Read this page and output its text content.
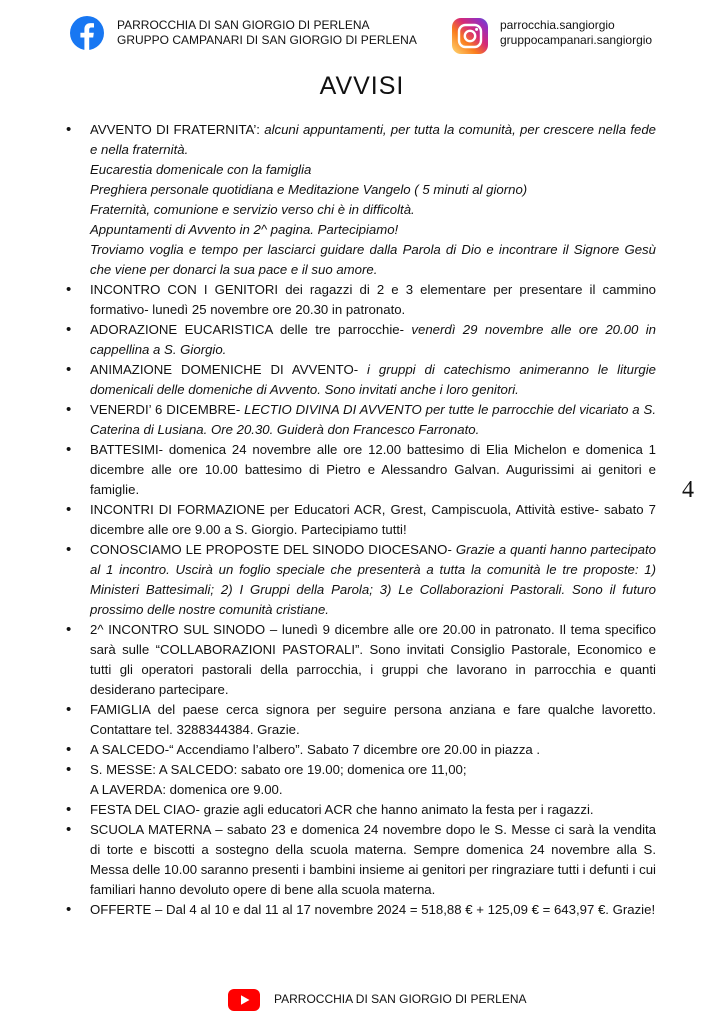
PARROCCHIA DI SAN GIORGIO DI PERLENA
GRUPPO CAMPANARI DI SAN GIORGIO DI PERLENA
parrocchia.sangiorgio
gruppocampanari.sangiorgio
AVVISI
4
• AVVENTO DI FRATERNITA’: alcuni appuntamenti, per tutta la comunità, per crescere nella fede e nella fraternità.
Eucarestia domenicale con la famiglia
Preghiera personale quotidiana e Meditazione Vangelo ( 5 minuti al giorno)
Fraternità, comunione e servizio verso chi è in difficoltà.
Appuntamenti di Avvento in 2^ pagina. Partecipiamo!
Troviamo voglia e tempo per lasciarci guidare dalla Parola di Dio e incontrare il Signore Gesù che viene per donarci la sua pace e il suo amore.
• INCONTRO CON I GENITORI dei ragazzi di 2 e 3 elementare per presentare il cammino formativo- lunedì 25 novembre ore 20.30 in patronato.
• ADORAZIONE EUCARISTICA delle tre parrocchie- venerdì 29 novembre alle ore 20.00 in cappellina a S. Giorgio.
• ANIMAZIONE DOMENICHE DI AVVENTO- i gruppi di catechismo animeranno le liturgie domenicali delle domeniche di Avvento. Sono invitati anche i loro genitori.
• VENERDI’ 6 DICEMBRE- LECTIO DIVINA DI AVVENTO per tutte le parrocchie del vicariato a S. Caterina di Lusiana. Ore 20.30. Guiderà don Francesco Farronato.
• BATTESIMI- domenica 24 novembre alle ore 12.00 battesimo di Elia Michelon e domenica 1 dicembre alle ore 10.00 battesimo di Pietro e Alessandro Galvan. Augurissimi ai genitori e famiglie.
• INCONTRI DI FORMAZIONE per Educatori ACR, Grest, Campiscuola, Attività estive- sabato 7 dicembre alle ore 9.00 a S. Giorgio. Partecipiamo tutti!
• CONOSCIAMO LE PROPOSTE DEL SINODO DIOCESANO- Grazie a quanti hanno partecipato al 1 incontro. Uscirà un foglio speciale che presenterà a tutta la comunità le tre proposte: 1) Ministeri Battesimali; 2) I Gruppi della Parola; 3) Le Collaborazioni Pastorali. Sono il futuro prossimo delle nostre comunità cristiane.
• 2^ INCONTRO SUL SINODO – lunedì 9 dicembre alle ore 20.00 in patronato. Il tema specifico sarà sulle “COLLABORAZIONI PASTORALI”. Sono invitati Consiglio Pastorale, Economico e tutti gli operatori pastorali della parrocchia, i gruppi che lavorano in parrocchia e quanti desiderano partecipare.
• FAMIGLIA del paese cerca signora per seguire persona anziana e fare qualche lavoretto. Contattare tel. 3288344384. Grazie.
• A SALCEDO-“ Accendiamo l’albero”. Sabato 7 dicembre ore 20.00 in piazza .
• S. MESSE: A SALCEDO: sabato ore 19.00; domenica ore 11,00;
A LAVERDA: domenica ore 9.00.
• FESTA DEL CIAO- grazie agli educatori ACR che hanno animato la festa per i ragazzi.
• SCUOLA MATERNA – sabato 23 e domenica 24 novembre dopo le S. Messe ci sarà la vendita di torte e biscotti a sostegno della scuola materna. Sempre domenica 24 novembre alla S. Messa delle 10.00 saranno presenti i bambini insieme ai genitori per ringraziare tutti i defunti i cui familiari hanno devoluto opere di bene alla scuola materna.
• OFFERTE – Dal 4 al 10 e dal 11 al 17 novembre 2024 = 518,88 € + 125,09 € = 643,97 €. Grazie!
PARROCCHIA DI SAN GIORGIO DI PERLENA
